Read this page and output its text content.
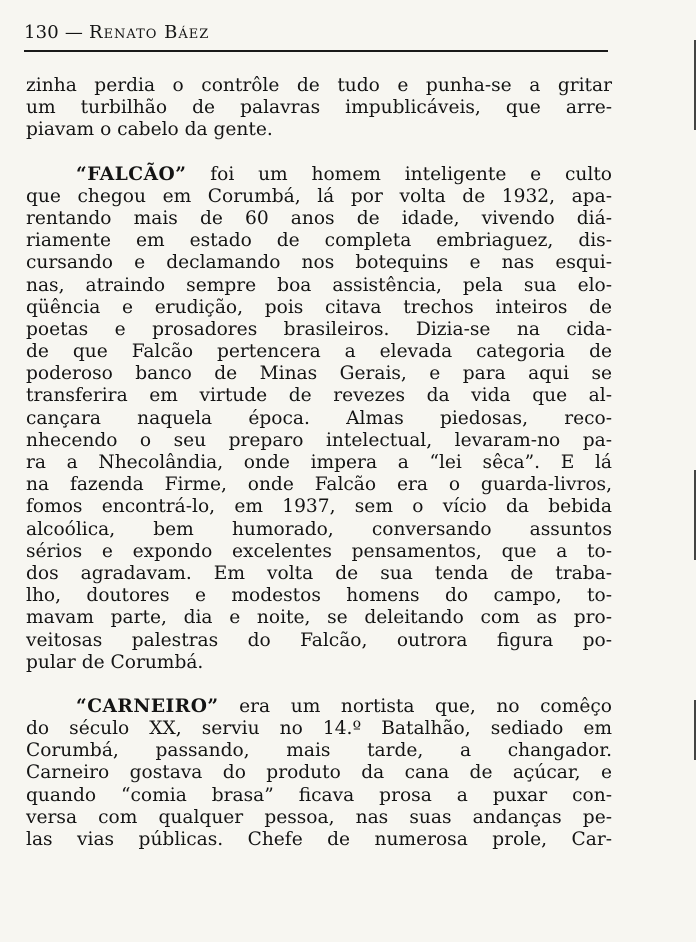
130 — Renato Báez
zinha perdia o contrôle de tudo e punha-se a gritar
um turbilhão de palavras impublicáveis, que arre-
piavam o cabelo da gente.
“FALCÃO” foi um homem inteligente e culto
que chegou em Corumbá, lá por volta de 1932, apa-
rentando mais de 60 anos de idade, vivendo diá-
riamente em estado de completa embriaguez, dis-
cursando e declamando nos botequins e nas esqui-
nas, atraindo sempre boa assistência, pela sua elo-
qüência e erudição, pois citava trechos inteiros de
poetas e prosadores brasileiros. Dizia-se na cida-
de que Falcão pertencera a elevada categoria de
poderoso banco de Minas Gerais, e para aqui se
transferira em virtude de revezes da vida que al-
cançara naquela época. Almas piedosas, reco-
nhecendo o seu preparo intelectual, levaram-no pa-
ra a Nhecolândia, onde impera a “lei sêca”. E lá
na fazenda Firme, onde Falcão era o guarda-livros,
fomos encontrá-lo, em 1937, sem o vício da bebida
alcoólica, bem humorado, conversando assuntos
sérios e expondo excelentes pensamentos, que a to-
dos agradavam. Em volta de sua tenda de traba-
lho, doutores e modestos homens do campo, to-
mavam parte, dia e noite, se deleitando com as pro-
veitosas palestras do Falcão, outrora figura po-
pular de Corumbá.
“CARNEIRO” era um nortista que, no comêço
do século XX, serviu no 14.º Batalhão, sediado em
Corumbá, passando, mais tarde, a changador.
Carneiro gostava do produto da cana de açúcar, e
quando “comia brasa” ficava prosa a puxar con-
versa com qualquer pessoa, nas suas andanças pe-
las vias públicas. Chefe de numerosa prole, Car-
